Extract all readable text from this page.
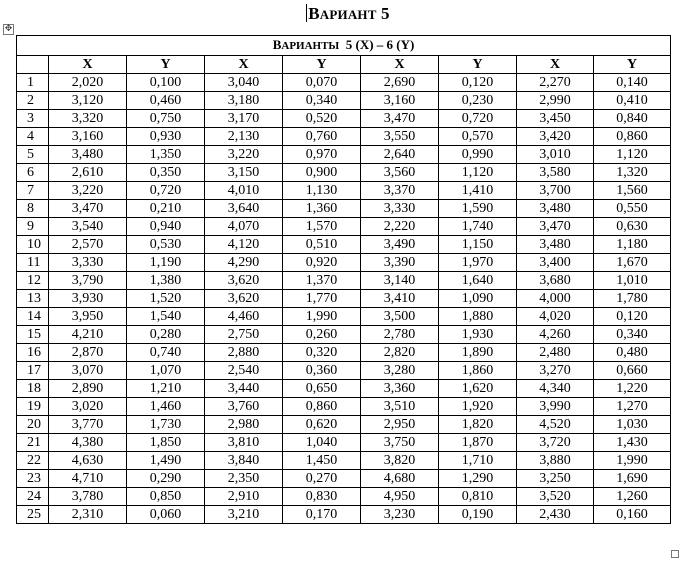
ВАРИАНТ 5
✥
ВАРИАНТЫ 5 (X) – 6 (Y)								
	X	Y	X	Y	X	Y	X	Y
1	2,020	0,100	3,040	0,070	2,690	0,120	2,270	0,140
2	3,120	0,460	3,180	0,340	3,160	0,230	2,990	0,410
3	3,320	0,750	3,170	0,520	3,470	0,720	3,450	0,840
4	3,160	0,930	2,130	0,760	3,550	0,570	3,420	0,860
5	3,480	1,350	3,220	0,970	2,640	0,990	3,010	1,120
6	2,610	0,350	3,150	0,900	3,560	1,120	3,580	1,320
7	3,220	0,720	4,010	1,130	3,370	1,410	3,700	1,560
8	3,470	0,210	3,640	1,360	3,330	1,590	3,480	0,550
9	3,540	0,940	4,070	1,570	2,220	1,740	3,470	0,630
10	2,570	0,530	4,120	0,510	3,490	1,150	3,480	1,180
11	3,330	1,190	4,290	0,920	3,390	1,970	3,400	1,670
12	3,790	1,380	3,620	1,370	3,140	1,640	3,680	1,010
13	3,930	1,520	3,620	1,770	3,410	1,090	4,000	1,780
14	3,950	1,540	4,460	1,990	3,500	1,880	4,020	0,120
15	4,210	0,280	2,750	0,260	2,780	1,930	4,260	0,340
16	2,870	0,740	2,880	0,320	2,820	1,890	2,480	0,480
17	3,070	1,070	2,540	0,360	3,280	1,860	3,270	0,660
18	2,890	1,210	3,440	0,650	3,360	1,620	4,340	1,220
19	3,020	1,460	3,760	0,860	3,510	1,920	3,990	1,270
20	3,770	1,730	2,980	0,620	2,950	1,820	4,520	1,030
21	4,380	1,850	3,810	1,040	3,750	1,870	3,720	1,430
22	4,630	1,490	3,840	1,450	3,820	1,710	3,880	1,990
23	4,710	0,290	2,350	0,270	4,680	1,290	3,250	1,690
24	3,780	0,850	2,910	0,830	4,950	0,810	3,520	1,260
25	2,310	0,060	3,210	0,170	3,230	0,190	2,430	0,160
